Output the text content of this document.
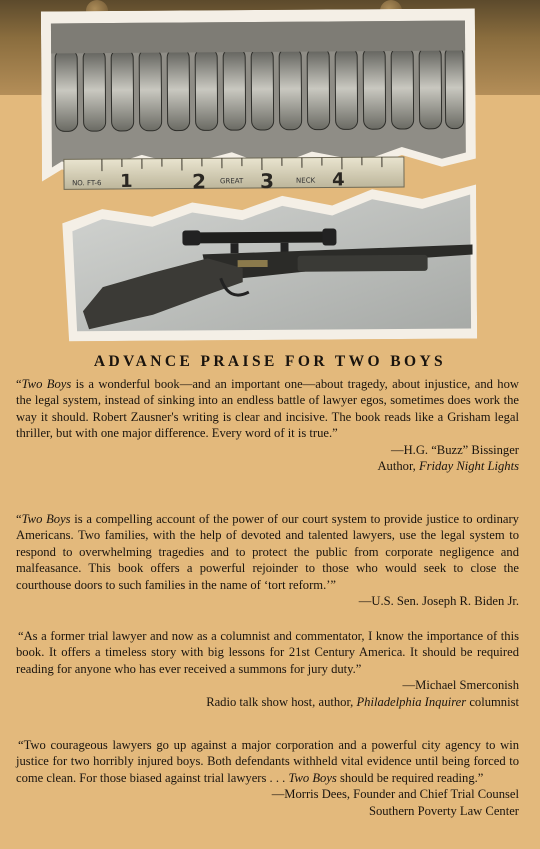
NO. FT-6 1	2 GREAT 3	NECK 4
ADVANCE PRAISE FOR TWO BOYS

“Two Boys is a wonderful book—and an important one—about tragedy, about injustice, and how the legal system, instead of sinking into an endless battle of lawyer egos, sometimes does work the way it should. Robert Zausner's writing is clear and incisive. The book reads like a Grisham legal thriller, but with one major difference. Every word of it is true.”

—H.G. “Buzz” Bissinger
Author, Friday Night Lights

“Two Boys is a compelling account of the power of our court system to provide justice to ordinary Americans. Two families, with the help of devoted and talented lawyers, use the legal system to respond to overwhelming tragedies and to protect the public from corporate negligence and malfeasance. This book offers a powerful rejoinder to those who would seek to close the courthouse doors to such families in the name of ‘tort reform.’”

—U.S. Sen. Joseph R. Biden Jr.

“As a former trial lawyer and now as a columnist and commentator, I know the importance of this book. It offers a timeless story with big lessons for 21st Century America. It should be required reading for anyone who has ever received a summons for jury duty.”

—Michael Smerconish
Radio talk show host, author, Philadelphia Inquirer columnist

“Two courageous lawyers go up against a major corporation and a powerful city agency to win justice for two horribly injured boys. Both defendants withheld vital evidence until being forced to come clean. For those biased against trial lawyers . . . Two Boys should be required reading.”

—Morris Dees, Founder and Chief Trial Counsel
Southern Poverty Law Center
